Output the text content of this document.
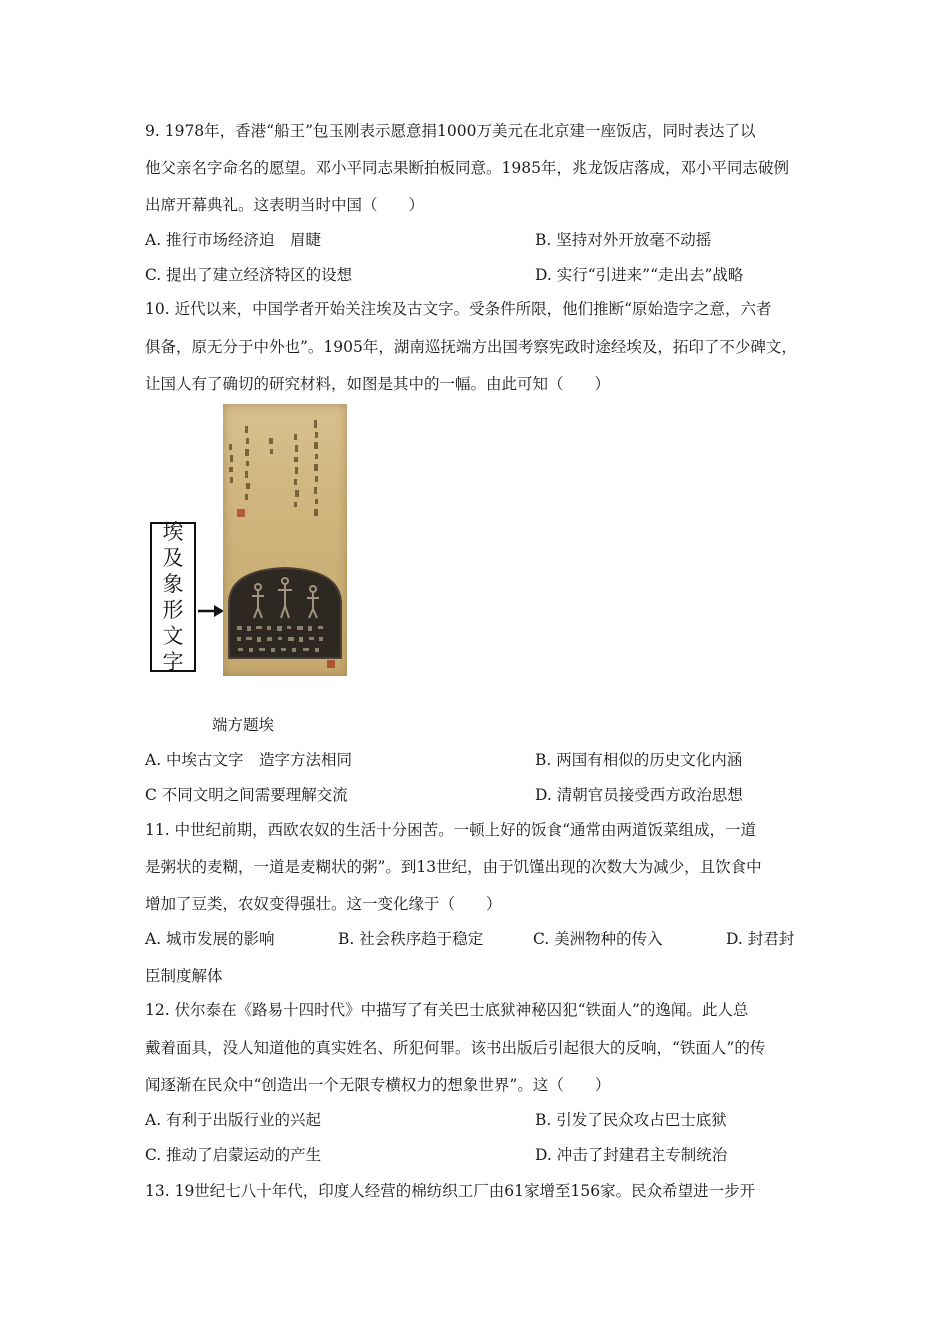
9. 1978年，香港“船王”包玉刚表示愿意捐1000万美元在北京建一座饭店，同时表达了以
他父亲名字命名的愿望。邓小平同志果断拍板同意。1985年，兆龙饭店落成，邓小平同志破例
出席开幕典礼。这表明当时中国（　　）
A. 推行市场经济迫　眉睫	B. 坚持对外开放毫不动摇
C. 提出了建立经济特区的设想	D. 实行“引进来”“走出去”战略
10. 近代以来，中国学者开始关注埃及古文字。受条件所限，他们推断“原始造字之意，六者
俱备，原无分于中外也”。1905年，湖南巡抚端方出国考察宪政时途经埃及，拓印了不少碑文，
让国人有了确切的研究材料，如图是其中的一幅。由此可知（　　）
埃
及
象
形
文
字
端方题埃
A. 中埃古文字　造字方法相同	B. 两国有相似的历史文化内涵
C 不同文明之间需要理解交流	D. 清朝官员接受西方政治思想
11. 中世纪前期，西欧农奴的生活十分困苦。一顿上好的饭食“通常由两道饭菜组成，一道
是粥状的麦糊，一道是麦糊状的粥”。到13世纪，由于饥馑出现的次数大为减少，且饮食中
增加了豆类，农奴变得强壮。这一变化缘于（　　）
A. 城市发展的影响	B. 社会秩序趋于稳定	C. 美洲物种的传入	D. 封君封
臣制度解体
12. 伏尔泰在《路易十四时代》中描写了有关巴士底狱神秘囚犯“铁面人”的逸闻。此人总
戴着面具，没人知道他的真实姓名、所犯何罪。该书出版后引起很大的反响，“铁面人”的传
闻逐渐在民众中“创造出一个无限专横权力的想象世界”。这（　　）
A. 有利于出版行业的兴起	B. 引发了民众攻占巴士底狱
C. 推动了启蒙运动的产生	D. 冲击了封建君主专制统治
13. 19世纪七八十年代，印度人经营的棉纺织工厂由61家增至156家。民众希望进一步开
